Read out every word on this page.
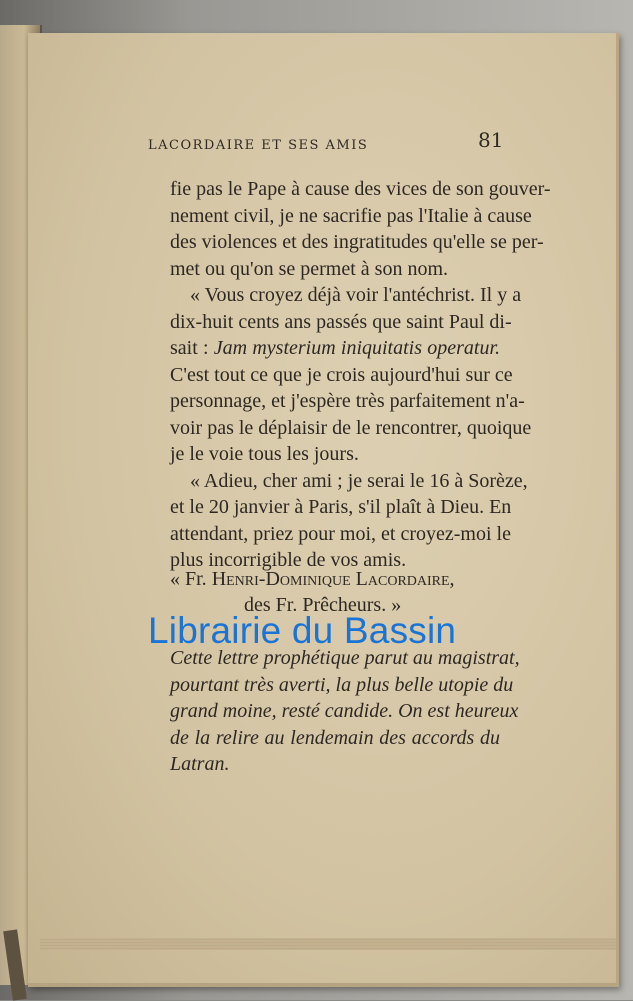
LACORDAIRE ET SES AMIS	81
fie pas le Pape à cause des vices de son gouver-
nement civil, je ne sacrifie pas l'Italie à cause
des violences et des ingratitudes qu'elle se per-
met ou qu'on se permet à son nom.
« Vous croyez déjà voir l'antéchrist. Il y a
dix-huit cents ans passés que saint Paul di-
sait : Jam mysterium iniquitatis operatur.
C'est tout ce que je crois aujourd'hui sur ce
personnage, et j'espère très parfaitement n'a-
voir pas le déplaisir de le rencontrer, quoique
je le voie tous les jours.
« Adieu, cher ami ; je serai le 16 à Sorèze,
et le 20 janvier à Paris, s'il plaît à Dieu. En
attendant, priez pour moi, et croyez-moi le
plus incorrigible de vos amis.
« Fr. Henri-Dominique Lacordaire,
des Fr. Prêcheurs. »
Cette lettre prophétique parut au magistrat,
pourtant très averti, la plus belle utopie du
grand moine, resté candide. On est heureux
de la relire au lendemain des accords du
Latran.
Librairie du Bassin
